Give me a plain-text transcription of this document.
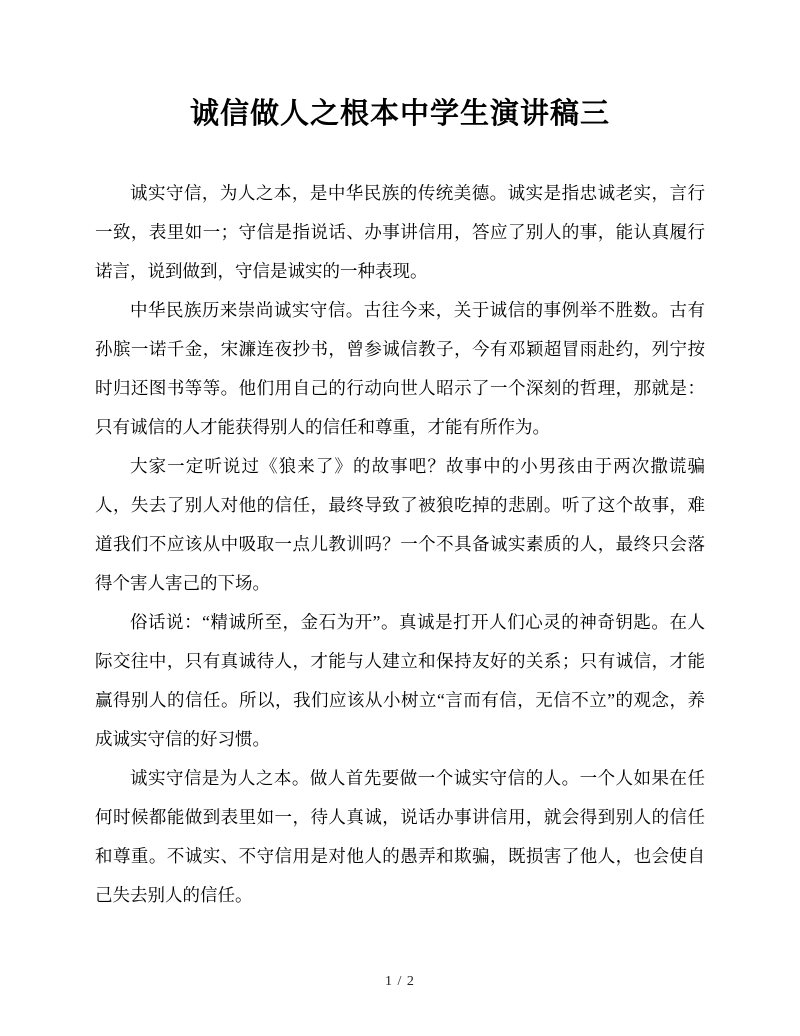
诚信做人之根本中学生演讲稿三

诚实守信，为人之本，是中华民族的传统美德。诚实是指忠诚老实，言行一致，表里如一；守信是指说话、办事讲信用，答应了别人的事，能认真履行诺言，说到做到，守信是诚实的一种表现。

中华民族历来崇尚诚实守信。古往今来，关于诚信的事例举不胜数。古有孙膑一诺千金，宋濂连夜抄书，曾参诚信教子，今有邓颖超冒雨赴约，列宁按时归还图书等等。他们用自己的行动向世人昭示了一个深刻的哲理，那就是：只有诚信的人才能获得别人的信任和尊重，才能有所作为。

大家一定听说过《狼来了》的故事吧？故事中的小男孩由于两次撒谎骗人，失去了别人对他的信任，最终导致了被狼吃掉的悲剧。听了这个故事，难道我们不应该从中吸取一点儿教训吗？一个不具备诚实素质的人，最终只会落得个害人害己的下场。

俗话说：“精诚所至，金石为开”。真诚是打开人们心灵的神奇钥匙。在人际交往中，只有真诚待人，才能与人建立和保持友好的关系；只有诚信，才能赢得别人的信任。所以，我们应该从小树立“言而有信，无信不立”的观念，养成诚实守信的好习惯。

诚实守信是为人之本。做人首先要做一个诚实守信的人。一个人如果在任何时候都能做到表里如一，待人真诚，说话办事讲信用，就会得到别人的信任和尊重。不诚实、不守信用是对他人的愚弄和欺骗，既损害了他人，也会使自己失去别人的信任。

1 / 2
